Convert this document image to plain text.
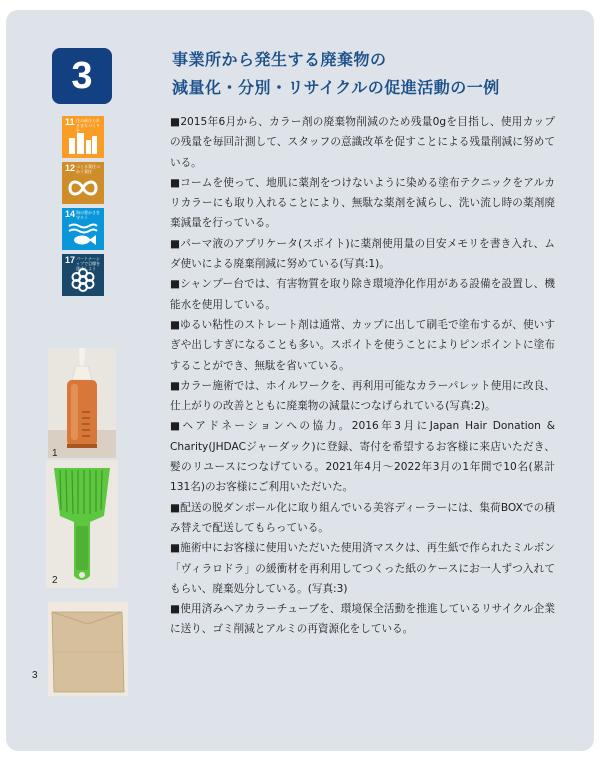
3	事業所から発生する廃棄物の
減量化・分別・リサイクルの促進活動の一例
11 住み続けられるまちづくりを
12 つくる責任つかう責任
14 海の豊かさを守ろう
17 パートナーシップで目標を達成しよう
1
2
3

■2015年6月から、カラー剤の廃棄物削減のため残量0gを目指し、使用カップの残量を毎回計測して、スタッフの意識改革を促すことによる残量削減に努めている。

■コームを使って、地肌に薬剤をつけないように染める塗布テクニックをアルカリカラーにも取り入れることにより、無駄な薬剤を減らし、洗い流し時の薬剤廃棄減量を行っている。

■パーマ液のアプリケータ(スポイト)に薬剤使用量の目安メモリを書き入れ、ムダ使いによる廃棄削減に努めている(写真:1)。

■シャンプー台では、有害物質を取り除き環境浄化作用がある設備を設置し、機能水を使用している。

■ゆるい粘性のストレート剤は通常、カップに出して刷毛で塗布するが、使いすぎや出しすぎになることも多い。スポイトを使うことによりピンポイントに塗布することができ、無駄を省いている。

■カラー施術では、ホイルワークを、再利用可能なカラーパレット使用に改良、仕上がりの改善とともに廃棄物の減量につなげられている(写真:2)。

■ヘアドネーションへの協力。2016年3月にJapan Hair Donation & Charity(JHDACジャーダック)に登録、寄付を希望するお客様に来店いただき、髪のリユースにつなげている。2021年4月～2022年3月の1年間で10名(累計131名)のお客様にご利用いただいた。

■配送の脱ダンボール化に取り組んでいる美容ディーラーには、集荷BOXでの積み替えで配送してもらっている。

■施術中にお客様に使用いただいた使用済マスクは、再生紙で作られたミルボン「ヴィラロドラ」の緩衝材を再利用してつくった紙のケースにお一人ずつ入れてもらい、廃棄処分している。(写真:3)

■使用済みヘアカラーチューブを、環境保全活動を推進しているリサイクル企業に送り、ゴミ削減とアルミの再資源化をしている。
